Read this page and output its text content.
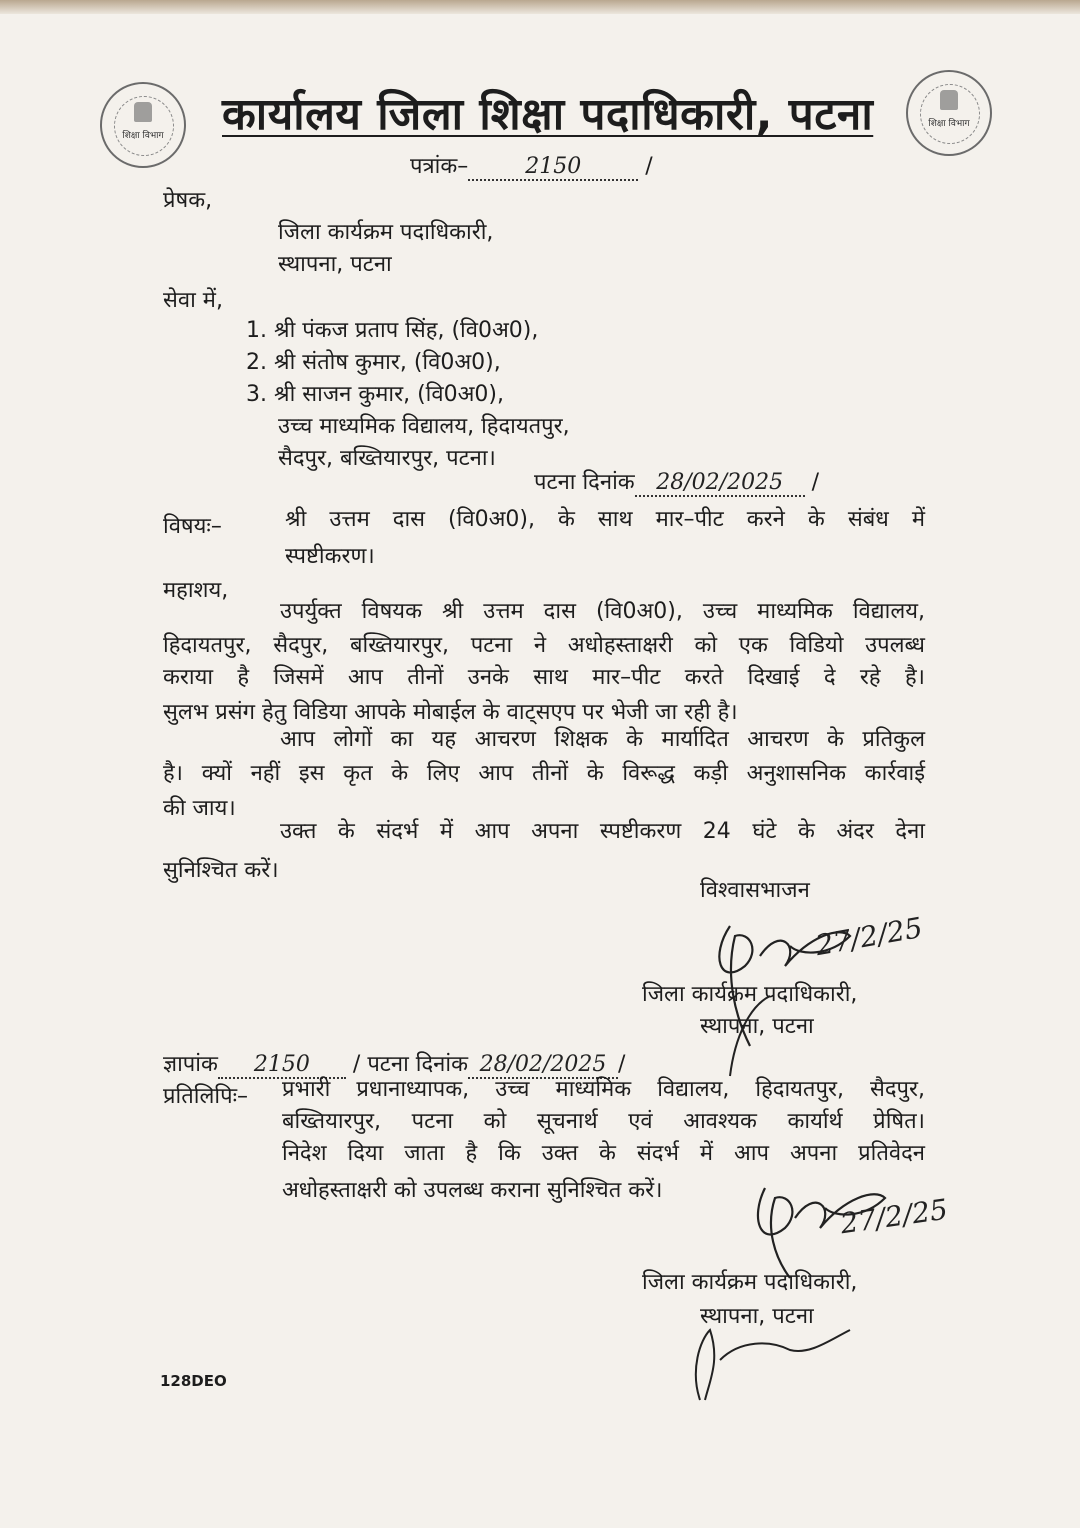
शिक्षा विभाग
शिक्षा विभाग
कार्यालय जिला शिक्षा पदाधिकारी, पटना
पत्रांक–	2150	/
प्रेषक,
जिला कार्यक्रम पदाधिकारी,
स्थापना, पटना
सेवा में,
1. श्री पंकज प्रताप सिंह, (वि0अ0),
2. श्री संतोष कुमार, (वि0अ0),
3. श्री साजन कुमार, (वि0अ0),
उच्च माध्यमिक विद्यालय, हिदायतपुर,
सैदपुर, बख्तियारपुर, पटना।
पटना दिनांक 28/02/2025 /
विषयः–	श्री उत्तम दास (वि0अ0), के साथ मार–पीट करने के संबंध में
स्पष्टीकरण।
महाशय,
उपर्युक्त विषयक श्री उत्तम दास (वि0अ0), उच्च माध्यमिक विद्यालय,
हिदायतपुर, सैदपुर, बख्तियारपुर, पटना ने अधोहस्ताक्षरी को एक विडियो उपलब्ध
कराया है जिसमें आप तीनों उनके साथ मार–पीट करते दिखाई दे रहे है।
सुलभ प्रसंग हेतु विडिया आपके मोबाईल के वाट्सएप पर भेजी जा रही है।
आप लोगों का यह आचरण शिक्षक के मार्यादित आचरण के प्रतिकुल
है। क्यों नहीं इस कृत के लिए आप तीनों के विरूद्ध कड़ी अनुशासनिक कार्रवाई
की जाय।
उक्त के संदर्भ में आप अपना स्पष्टीकरण 24 घंटे के अंदर देना
सुनिश्चित करें।
विश्वासभाजन
27/2/25
जिला कार्यक्रम पदाधिकारी,
स्थापना, पटना
ज्ञापांक 2150 / पटना दिनांक 28/02/2025 /
प्रतिलिपिः– प्रभारी प्रधानाध्यापक, उच्च माध्यमिक विद्यालय, हिदायतपुर, सैदपुर,
बख्तियारपुर, पटना को सूचनार्थ एवं आवश्यक कार्यार्थ प्रेषित।
निदेश दिया जाता है कि उक्त के संदर्भ में आप अपना प्रतिवेदन
अधोहस्ताक्षरी को उपलब्ध कराना सुनिश्चित करें।
27/2/25
जिला कार्यक्रम पदाधिकारी,
स्थापना, पटना
128DEO
